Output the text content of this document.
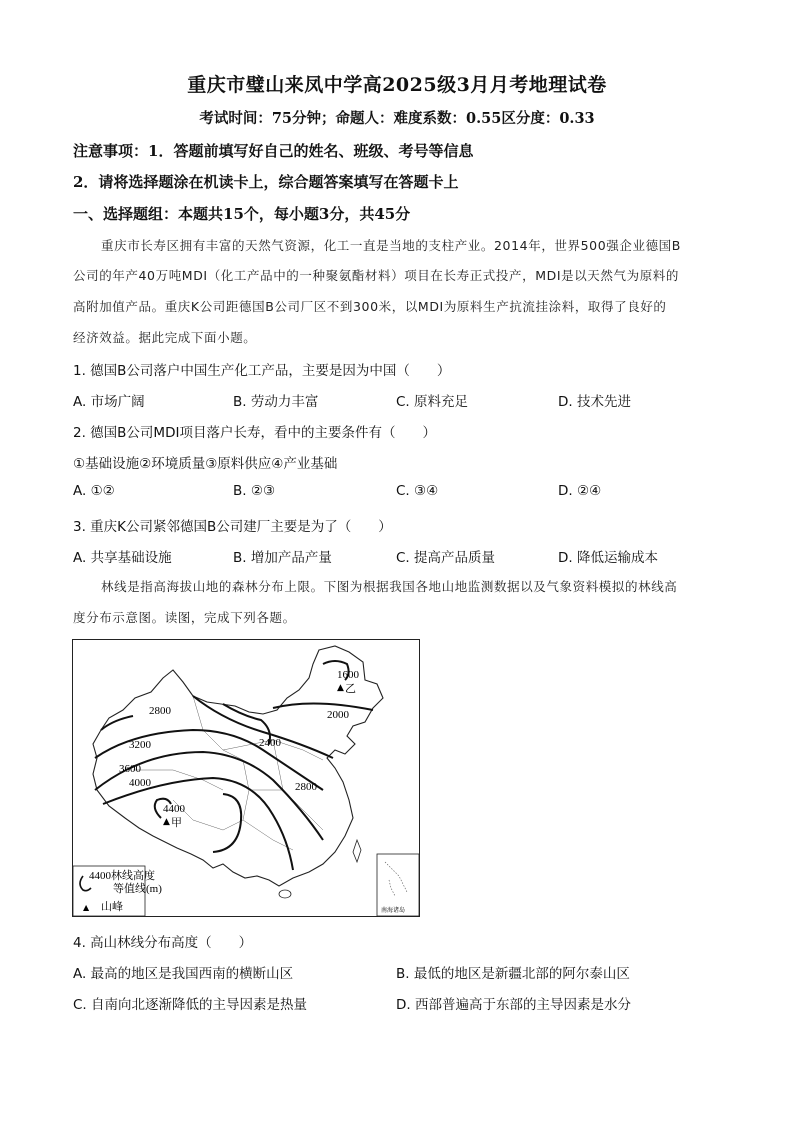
重庆市璧山来凤中学高2025级3月月考地理试卷
考试时间：75分钟；命题人：难度系数：0.55区分度：0.33
注意事项：1．答题前填写好自己的姓名、班级、考号等信息
2．请将选择题涂在机读卡上，综合题答案填写在答题卡上
一、选择题组：本题共15个，每小题3分，共45分
重庆市长寿区拥有丰富的天然气资源，化工一直是当地的支柱产业。2014年，世界500强企业德国B
公司的年产40万吨MDI（化工产品中的一种聚氨酯材料）项目在长寿正式投产，MDI是以天然气为原料的
高附加值产品。重庆K公司距德国B公司厂区不到300米，以MDI为原料生产抗流挂涂料，取得了良好的
经济效益。据此完成下面小题。
1. 德国B公司落户中国生产化工产品，主要是因为中国（　　）
A. 市场广阔	B. 劳动力丰富	C. 原料充足	D. 技术先进
2. 德国B公司MDI项目落户长寿，看中的主要条件有（　　）
①基础设施②环境质量③原料供应④产业基础
A. ①②	B. ②③	C. ③④	D. ②④
3. 重庆K公司紧邻德国B公司建厂主要是为了（　　）
A. 共享基础设施	B. 增加产品产量	C. 提高产品质量	D. 降低运输成本
林线是指高海拔山地的森林分布上限。下图为根据我国各地山地监测数据以及气象资料模拟的林线高
度分布示意图。读图，完成下列各题。
2800
3200
3600
4000
2400
2800
2000
1600
4400
▲ 乙
▲ 甲
南海诸岛
4400林线高度
等值线(m)
▲ 山峰
4. 高山林线分布高度（　　）
A. 最高的地区是我国西南的横断山区	B. 最低的地区是新疆北部的阿尔泰山区
C. 自南向北逐渐降低的主导因素是热量	D. 西部普遍高于东部的主导因素是水分
